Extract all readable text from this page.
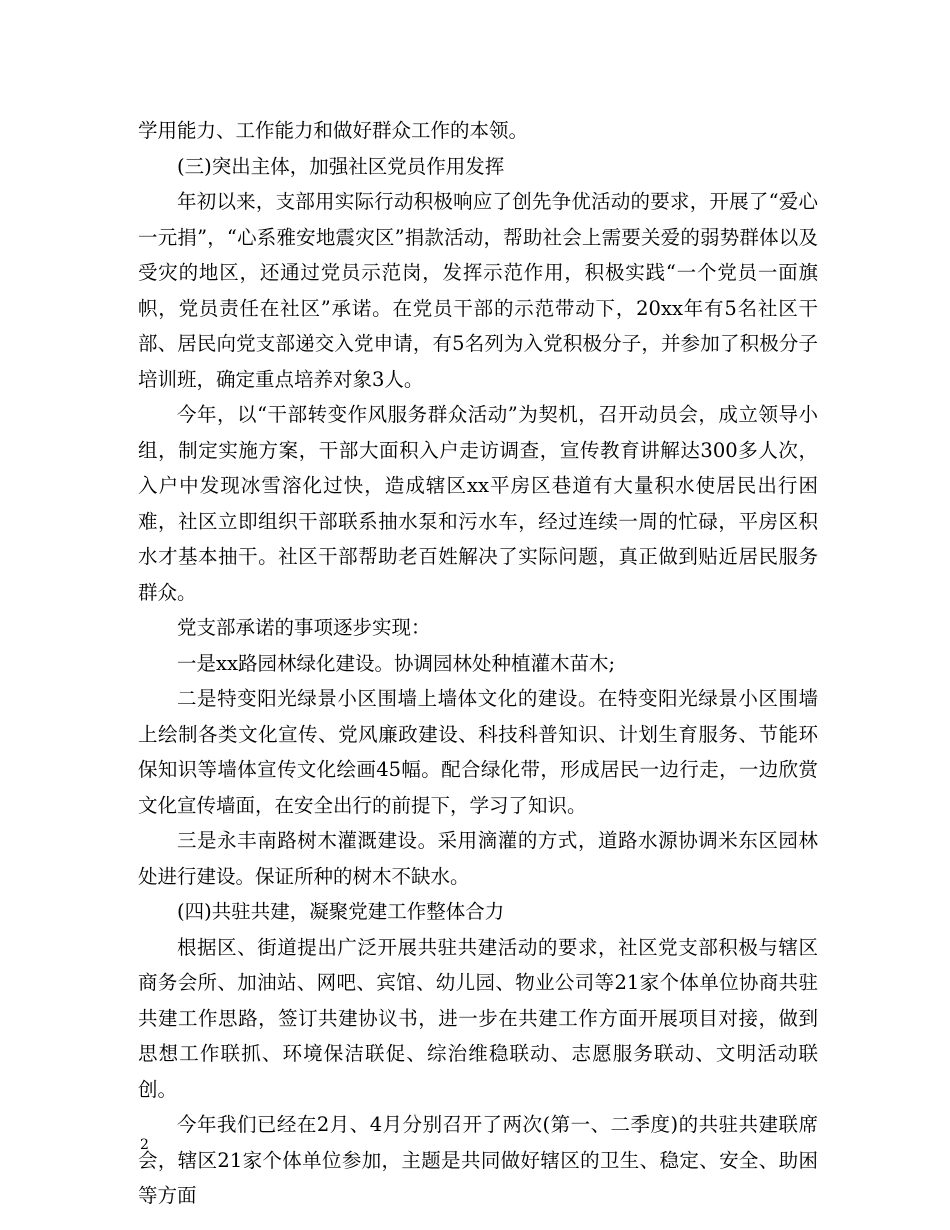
学用能力、工作能力和做好群众工作的本领。

(三)突出主体，加强社区党员作用发挥

年初以来，支部用实际行动积极响应了创先争优活动的要求，开展了“爱心一元捐”，“心系雅安地震灾区”捐款活动，帮助社会上需要关爱的弱势群体以及受灾的地区，还通过党员示范岗，发挥示范作用，积极实践“一个党员一面旗帜，党员责任在社区”承诺。在党员干部的示范带动下，20xx年有5名社区干部、居民向党支部递交入党申请，有5名列为入党积极分子，并参加了积极分子培训班，确定重点培养对象3人。

今年，以“干部转变作风服务群众活动”为契机，召开动员会，成立领导小组，制定实施方案，干部大面积入户走访调查，宣传教育讲解达300多人次，入户中发现冰雪溶化过快，造成辖区xx平房区巷道有大量积水使居民出行困难，社区立即组织干部联系抽水泵和污水车，经过连续一周的忙碌，平房区积水才基本抽干。社区干部帮助老百姓解决了实际问题，真正做到贴近居民服务群众。

党支部承诺的事项逐步实现：

一是xx路园林绿化建设。协调园林处种植灌木苗木;

二是特变阳光绿景小区围墙上墙体文化的建设。在特变阳光绿景小区围墙上绘制各类文化宣传、党风廉政建设、科技科普知识、计划生育服务、节能环保知识等墙体宣传文化绘画45幅。配合绿化带，形成居民一边行走，一边欣赏文化宣传墙面，在安全出行的前提下，学习了知识。

三是永丰南路树木灌溉建设。采用滴灌的方式，道路水源协调米东区园林处进行建设。保证所种的树木不缺水。

(四)共驻共建，凝聚党建工作整体合力

根据区、街道提出广泛开展共驻共建活动的要求，社区党支部积极与辖区商务会所、加油站、网吧、宾馆、幼儿园、物业公司等21家个体单位协商共驻共建工作思路，签订共建协议书，进一步在共建工作方面开展项目对接，做到思想工作联抓、环境保洁联促、综治维稳联动、志愿服务联动、文明活动联创。

今年我们已经在2月、4月分别召开了两次(第一、二季度)的共驻共建联席会，辖区21家个体单位参加，主题是共同做好辖区的卫生、稳定、安全、助困等方面

2
